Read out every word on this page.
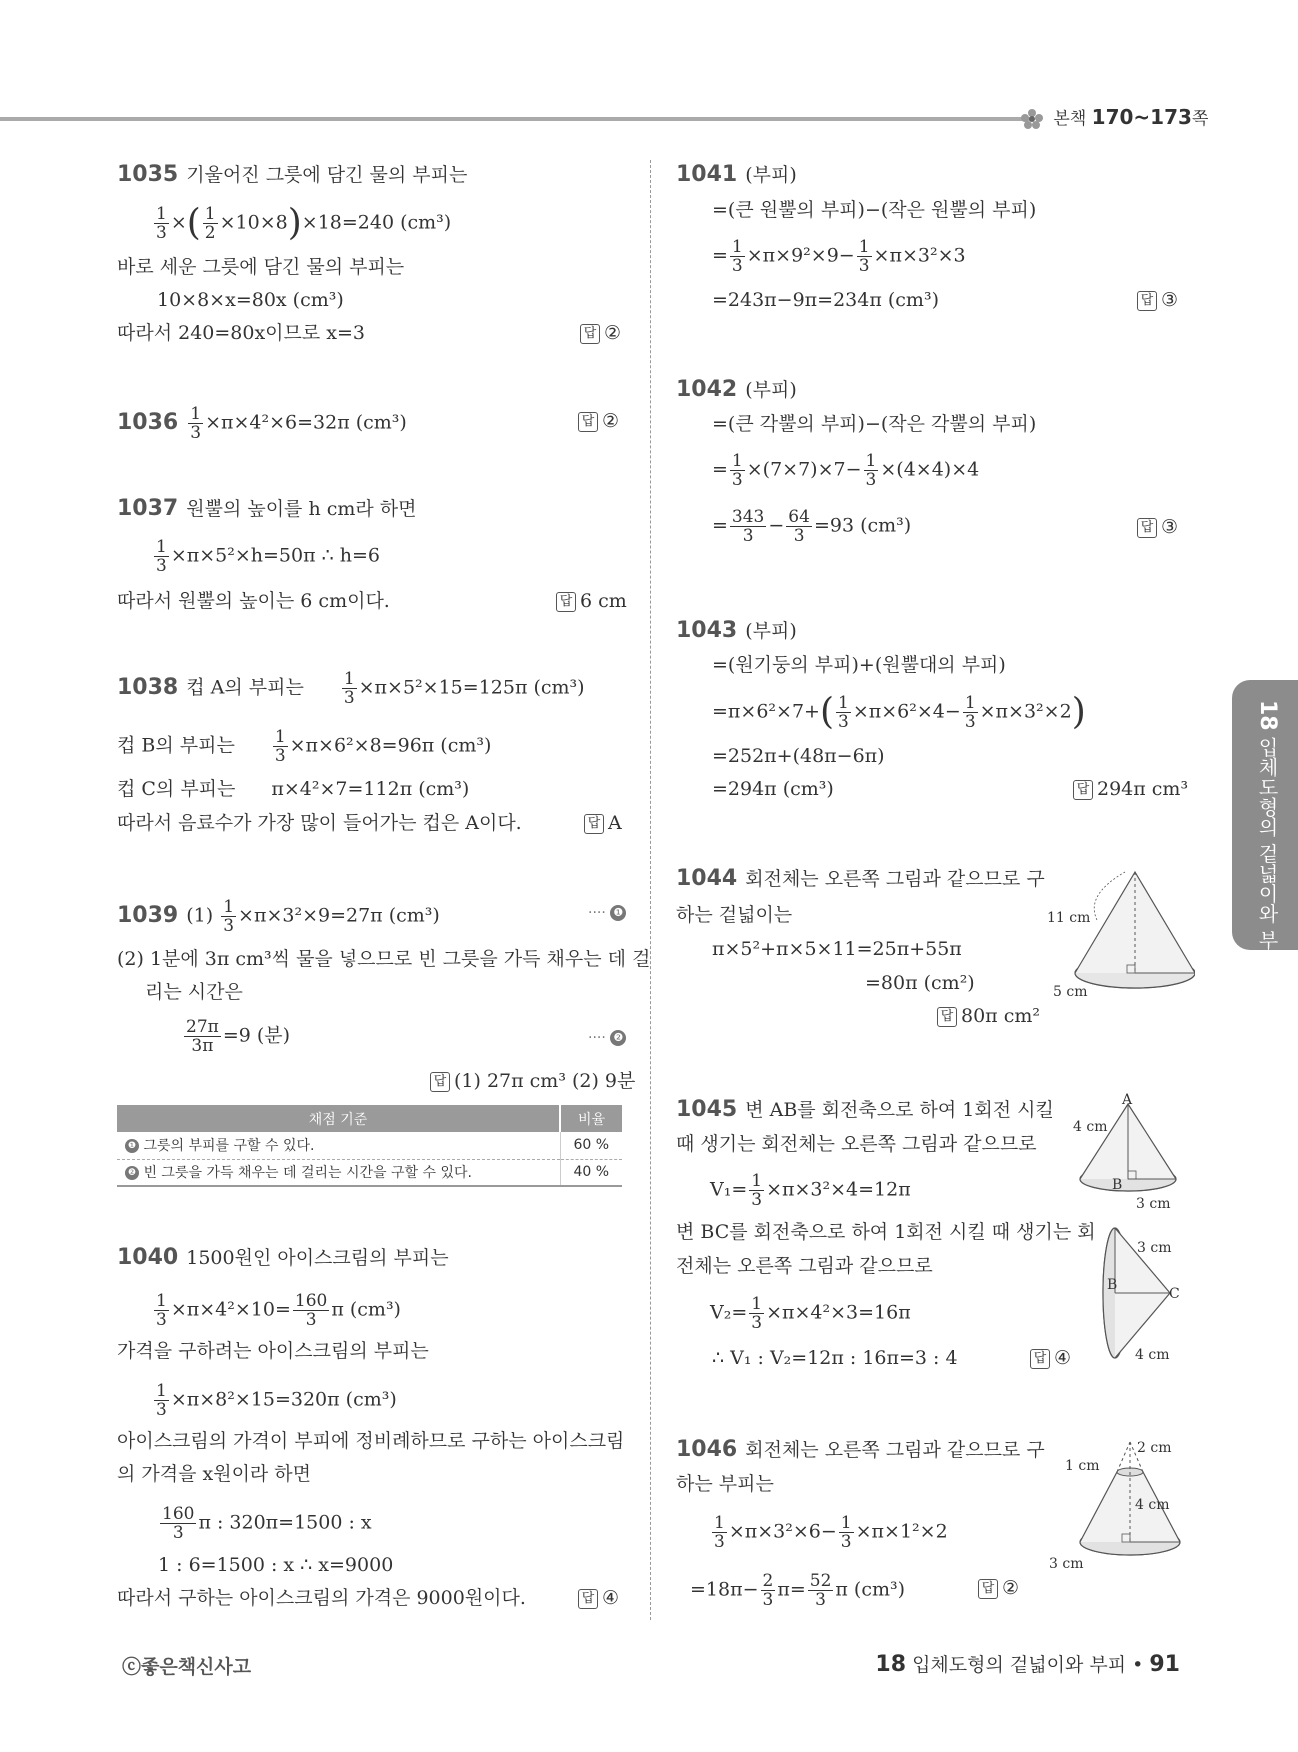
본책 170~173쪽
18 입체도형의 겉넓이와 부피
1035 기울어진 그릇에 담긴 물의 부피는
$\frac{1}{3}$ ×( $\frac{1}{2} \times 10\times 8)\times 18=240$ (cm³)
바로 세운 그릇에 담긴 물의 부피는
10×8×x=80x (cm³)
따라서 240=80x이므로 x=3	답 ②
$1036 \frac{1}{3} \times\pi\times 4^2\times 6=32\pi$ (cm³)	답 ②
1037 원뿔의 높이를 h cm라 하면
$\frac{1}{3} \times\pi\times 5^2\times h=50\pi$ ∴ h=6
따라서 원뿔의 높이는 6 cm이다.	답 6 cm
1038 컵 A의 부피는 $\frac{1}{3} \times\pi\times 5^2\times 15=125\pi$ (cm³)
컵 B의 부피는 $\frac{1}{3} \times\pi\times 6^2\times 8=96\pi$ (cm³)
컵 C의 부피는 π×4²×7=112π (cm³)
따라서 음료수가 가장 많이 들어가는 컵은 A이다.	답 A
1039 $(1) \frac{1}{3} \times\pi\times 3^2\times 9=27\pi$ (cm³)	···· ❶
(2) 1분에 3π cm³씩 물을 넣으므로 빈 그릇을 가득 채우는 데 걸
리는 시간은
$\frac{27\pi}{3\pi} =9$ (분)	···· ❷
답 (1) 27π cm³ (2) 9분
채점 기준	비율
❶ 그릇의 부피를 구할 수 있다.	60 %
❷ 빈 그릇을 가득 채우는 데 걸리는 시간을 구할 수 있다.	40 %
1040 1500원인 아이스크림의 부피는
$\frac{1}{3} \times\pi\times 4^2\times 10= \frac{160}{3}$ π (cm³)
가격을 구하려는 아이스크림의 부피는
$\frac{1}{3} \times\pi\times 8^2\times 15=320\pi$ (cm³)
아이스크림의 가격이 부피에 정비례하므로 구하는 아이스크림
의 가격을 x원이라 하면
$\frac{160}{3}$ π : 320π=1500 : x
1 : 6=1500 : x ∴ x=9000
따라서 구하는 아이스크림의 가격은 9000원이다.	답 ④
1041 (부피)
=(큰 원뿔의 부피)−(작은 원뿔의 부피)
= $\frac{1}{3} \times\pi\times 9^2\times 9- \frac{1}{3} \times\pi\times 3^2\times 3$
=243π−9π=234π (cm³)	답 ③
1042 (부피)
=(큰 각뿔의 부피)−(작은 각뿔의 부피)
= $\frac{1}{3} \times(7\times 7)\times 7- \frac{1}{3} \times(4\times 4)\times 4$
= $\frac{343}{3} - \frac{64}{3} =93$ (cm³)	답 ③
1043 (부피)
=(원기둥의 부피)+(원뿔대의 부피)
$=\pi\times 6^2\times 7+( \frac{1}{3} \times\pi\times 6^2\times 4- \frac{1}{3} \times\pi\times 3^2\times 2)$
=252π+(48π−6π)
=294π (cm³)	답 294π cm³
1044 회전체는 오른쪽 그림과 같으므로 구
하는 겉넓이는
π×5²+π×5×11=25π+55π
=80π (cm²)
답 80π cm²
11 cm
5 cm
1045 변 AB를 회전축으로 하여 1회전 시킬
때 생기는 회전체는 오른쪽 그림과 같으므로
$V_1= \frac{1}{3} \times\pi\times 3^2\times 4=12\pi$
변 BC를 회전축으로 하여 1회전 시킬 때 생기는 회
전체는 오른쪽 그림과 같으므로
$V_2= \frac{1}{3} \times\pi\times 4^2\times 3=16\pi$
∴ V₁ : V₂=12π : 16π=3 : 4	답 ④
A
B
4 cm
3 cm
B
C
3 cm
4 cm
1046 회전체는 오른쪽 그림과 같으므로 구
하는 부피는
$\frac{1}{3} \times\pi\times 3^2\times 6- \frac{1}{3} \times\pi\times 1^2\times 2$
$=18\pi- \frac{2}{3} \pi= \frac{52}{3}$ π (cm³)	답 ②
2 cm
1 cm
4 cm
3 cm
ⓒ좋은책신사고	18 입체도형의 겉넓이와 부피 • 91
